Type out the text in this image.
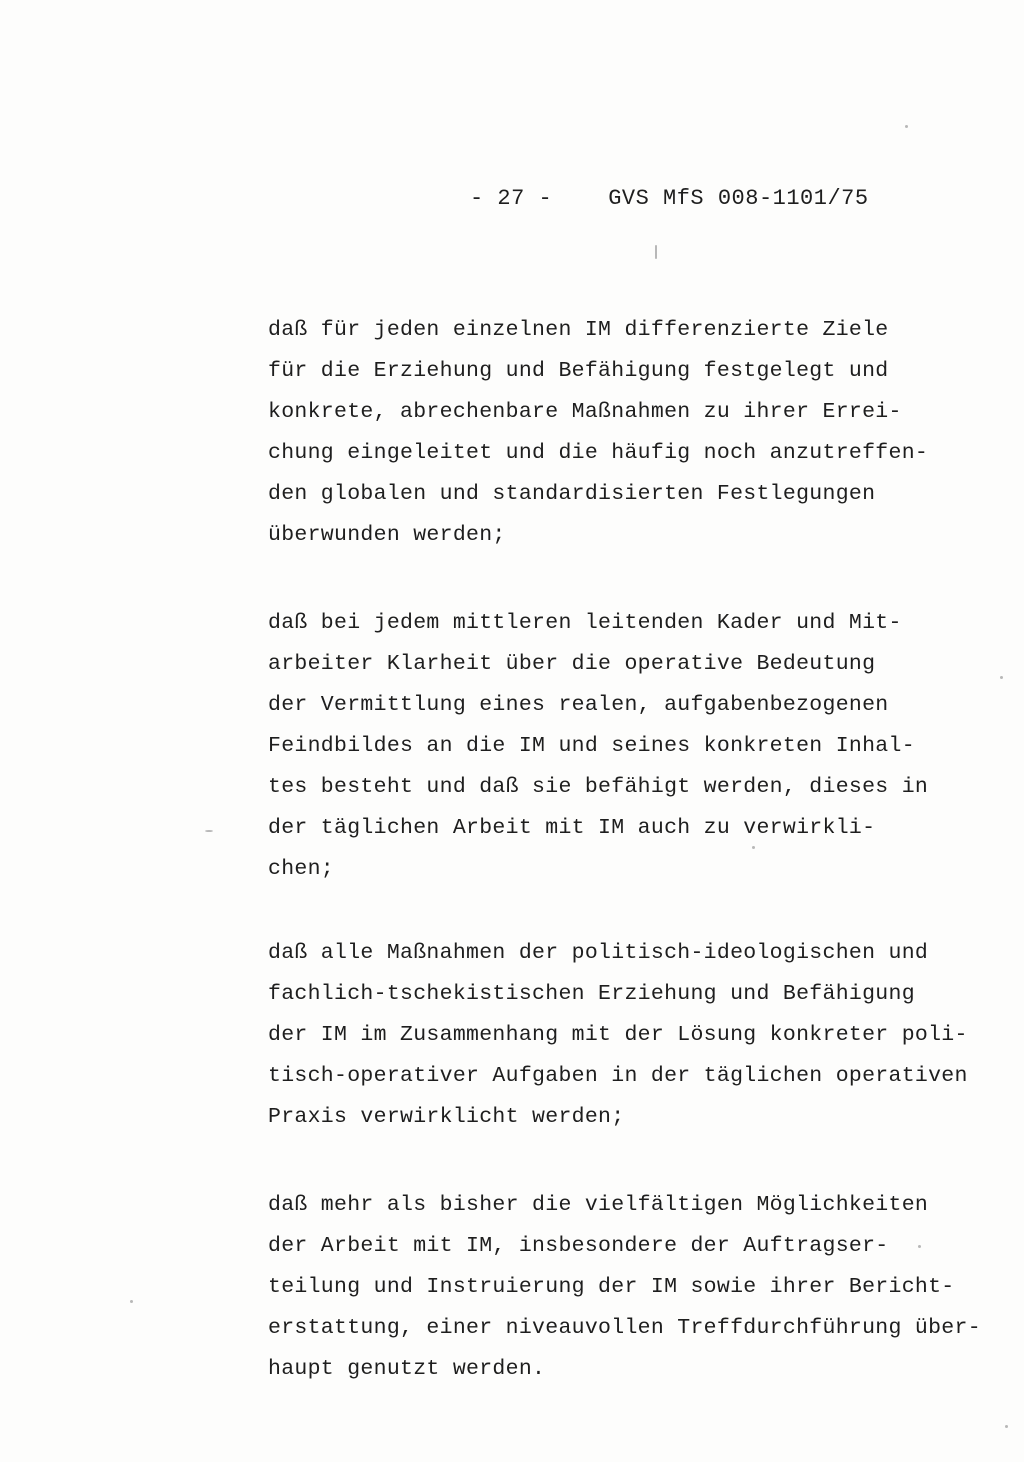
- 27 -	GVS MfS 008-1101/75
daß für jeden einzelnen IM differenzierte Ziele
für die Erziehung und Befähigung festgelegt und
konkrete, abrechenbare Maßnahmen zu ihrer Errei-
chung eingeleitet und die häufig noch anzutreffen-
den globalen und standardisierten Festlegungen
überwunden werden;
daß bei jedem mittleren leitenden Kader und Mit-
arbeiter Klarheit über die operative Bedeutung
der Vermittlung eines realen, aufgabenbezogenen
Feindbildes an die IM und seines konkreten Inhal-
tes besteht und daß sie befähigt werden, dieses in
der täglichen Arbeit mit IM auch zu verwirkli-
chen;
daß alle Maßnahmen der politisch-ideologischen und
fachlich-tschekistischen Erziehung und Befähigung
der IM im Zusammenhang mit der Lösung konkreter poli-
tisch-operativer Aufgaben in der täglichen operativen
Praxis verwirklicht werden;
daß mehr als bisher die vielfältigen Möglichkeiten
der Arbeit mit IM, insbesondere der Auftragser-
teilung und Instruierung der IM sowie ihrer Bericht-
erstattung, einer niveauvollen Treffdurchführung über-
haupt genutzt werden.
